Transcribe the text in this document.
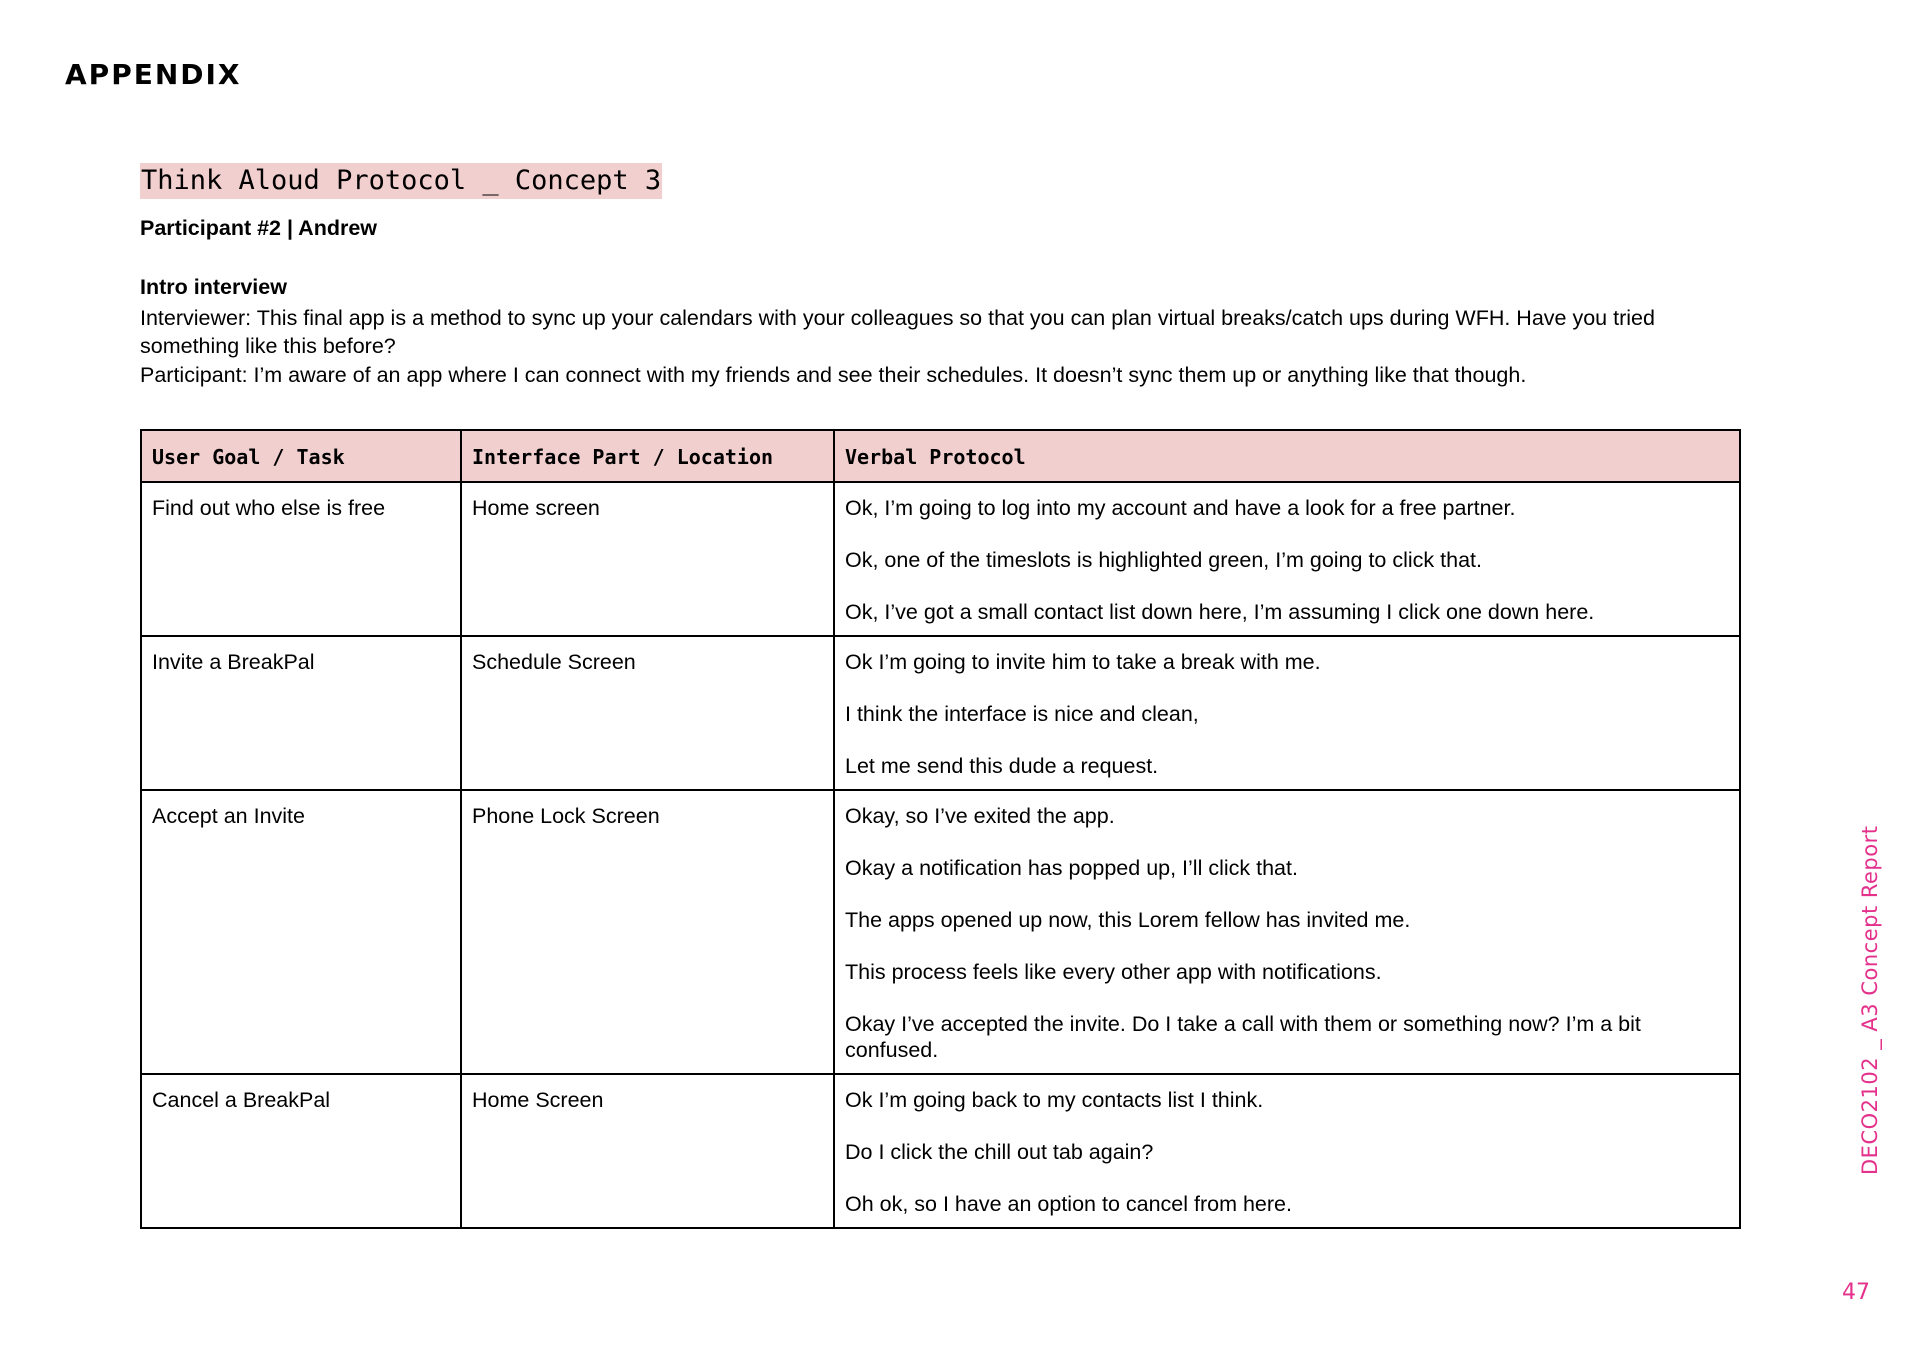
APPENDIX
Think Aloud Protocol _ Concept 3

Participant #2 | Andrew

Intro interview

Interviewer: This final app is a method to sync up your calendars with your colleagues so that you can plan virtual breaks/catch ups during WFH. Have you tried something like this before?

Participant: I’m aware of an app where I can connect with my friends and see their schedules. It doesn’t sync them up or anything like that though.

User Goal / Task	Interface Part / Location	Verbal Protocol
Find out who else is free	Home screen	Ok, I’m going to log into my account and have a look for a free partner.

Ok, one of the timeslots is highlighted green, I’m going to click that.

Ok, I’ve got a small contact list down here, I’m assuming I click one down here.

Invite a BreakPal	Schedule Screen	Ok I’m going to invite him to take a break with me.

I think the interface is nice and clean,

Let me send this dude a request.

Accept an Invite	Phone Lock Screen	Okay, so I’ve exited the app.

Okay a notification has popped up, I’ll click that.

The apps opened up now, this Lorem fellow has invited me.

This process feels like every other app with notifications.

Okay I’ve accepted the invite. Do I take a call with them or something now? I’m a bit confused.

Cancel a BreakPal	Home Screen	Ok I’m going back to my contacts list I think.

Do I click the chill out tab again?

Oh ok, so I have an option to cancel from here.

DECO2102 _ A3 Concept Report

47
